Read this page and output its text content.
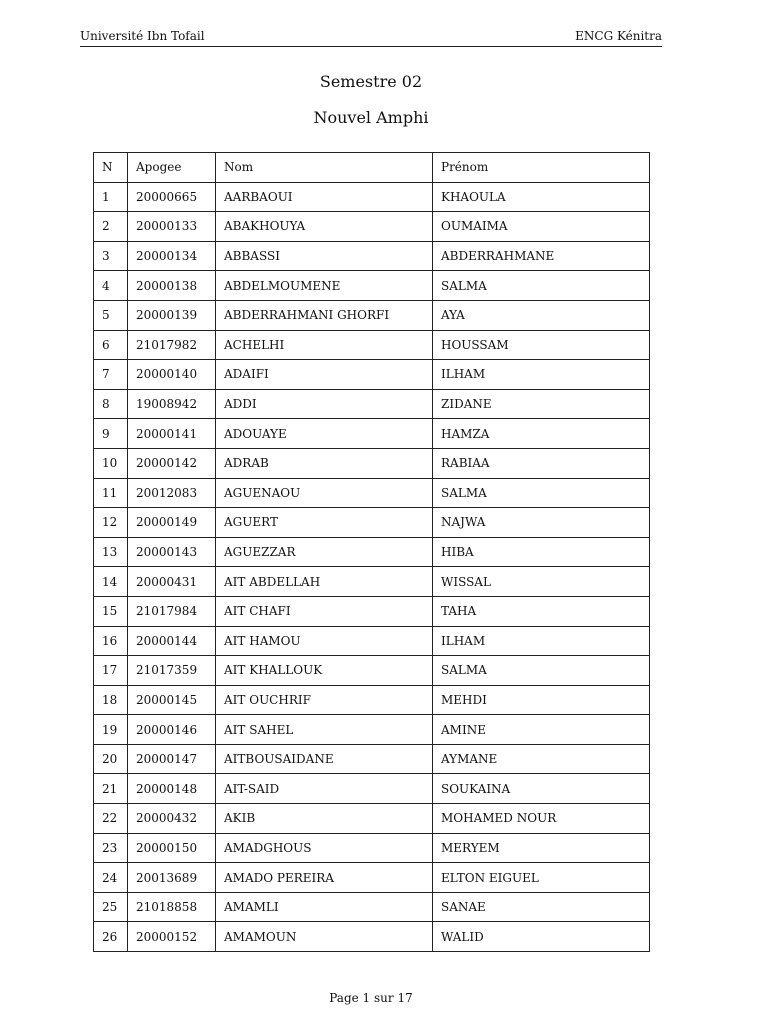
Université Ibn Tofail	ENCG Kénitra
Semestre 02
Nouvel Amphi
N	Apogee	Nom	Prénom
1	20000665	AARBAOUI	KHAOULA
2	20000133	ABAKHOUYA	OUMAIMA
3	20000134	ABBASSI	ABDERRAHMANE
4	20000138	ABDELMOUMENE	SALMA
5	20000139	ABDERRAHMANI GHORFI	AYA
6	21017982	ACHELHI	HOUSSAM
7	20000140	ADAIFI	ILHAM
8	19008942	ADDI	ZIDANE
9	20000141	ADOUAYE	HAMZA
10	20000142	ADRAB	RABIAA
11	20012083	AGUENAOU	SALMA
12	20000149	AGUERT	NAJWA
13	20000143	AGUEZZAR	HIBA
14	20000431	AIT ABDELLAH	WISSAL
15	21017984	AIT CHAFI	TAHA
16	20000144	AIT HAMOU	ILHAM
17	21017359	AIT KHALLOUK	SALMA
18	20000145	AIT OUCHRIF	MEHDI
19	20000146	AIT SAHEL	AMINE
20	20000147	AITBOUSAIDANE	AYMANE
21	20000148	AIT-SAID	SOUKAINA
22	20000432	AKIB	MOHAMED NOUR
23	20000150	AMADGHOUS	MERYEM
24	20013689	AMADO PEREIRA	ELTON EIGUEL
25	21018858	AMAMLI	SANAE
26	20000152	AMAMOUN	WALID
Page 1 sur 17
